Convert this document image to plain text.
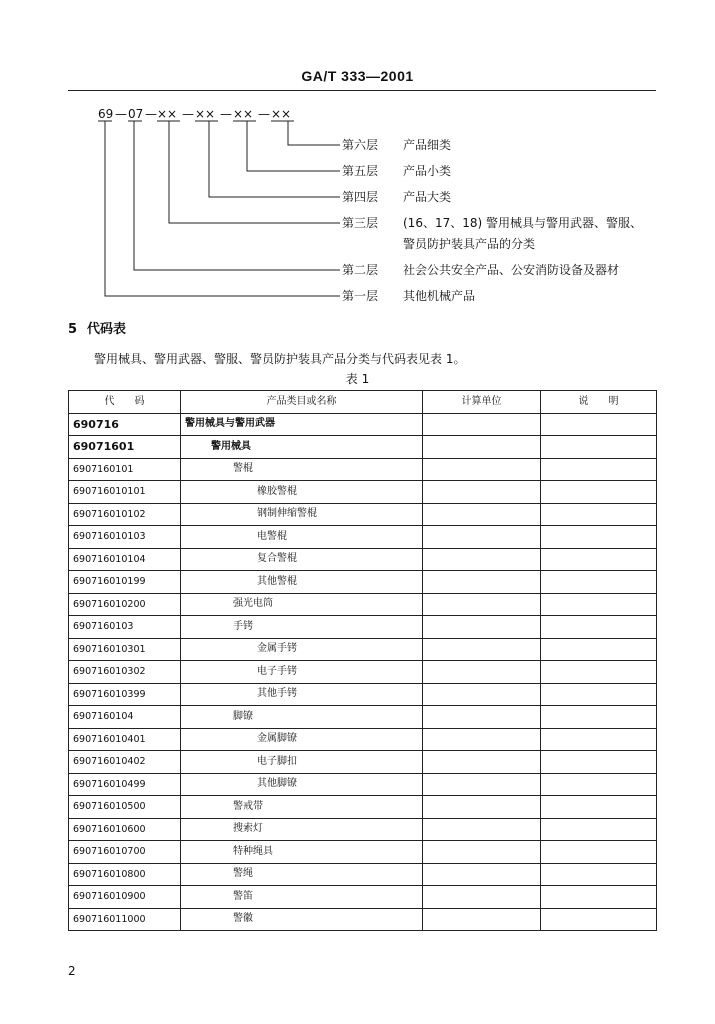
GA/T 333—2001
69 — 07 — ×× — ×× — ×× — ××
第六层 产品细类
第五层 产品小类
第四层 产品大类
第三层 (16、17、18) 警用械具与警用武器、警服、
警员防护装具产品的分类
第二层 社会公共安全产品、公安消防设备及器材
第一层 其他机械产品
5 代码表
警用械具、警用武器、警服、警员防护装具产品分类与代码表见表 1。
表 1
代　　码	产品类目或名称	计算单位	说　　明
690716	警用械具与警用武器		
69071601	警用械具		
6907160101	警棍		
690716010101	橡胶警棍		
690716010102	钢制伸缩警棍		
690716010103	电警棍		
690716010104	复合警棍		
690716010199	其他警棍		
690716010200	强光电筒		
6907160103	手铐		
690716010301	金属手铐		
690716010302	电子手铐		
690716010399	其他手铐		
6907160104	脚镣		
690716010401	金属脚镣		
690716010402	电子脚扣		
690716010499	其他脚镣		
690716010500	警戒带		
690716010600	搜索灯		
690716010700	特种绳具		
690716010800	警绳		
690716010900	警笛		
690716011000	警徽		
2
